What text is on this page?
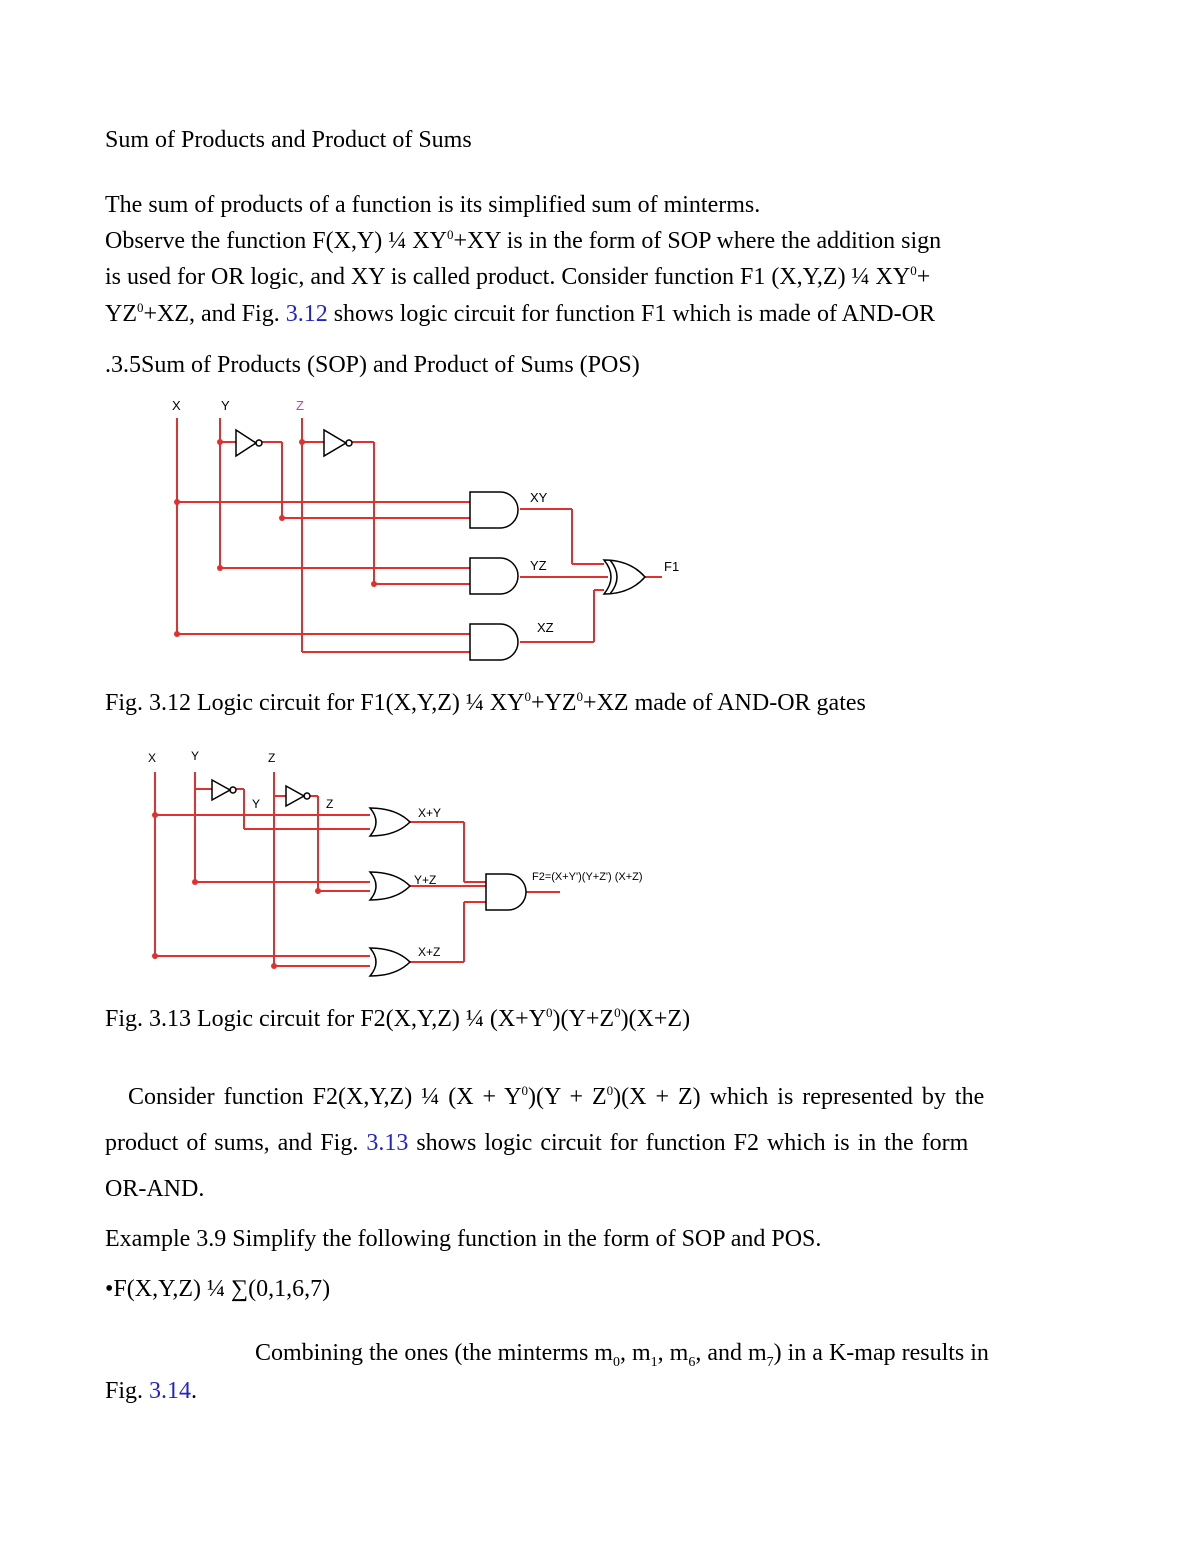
Sum of Products and Product of Sums
The sum of products of a function is its simplified sum of minterms.
Observe the function F(X,Y) ¼ $XY^0+XY$ is in the form of SOP where the addition sign
is used for OR logic, and XY is called product. Consider function F1 (X,Y,Z) ¼ $XY^0+$
$YZ^0+XZ$, and Fig. 3.12 shows logic circuit for function F1 which is made of AND-OR
.3.5Sum of Products (SOP) and Product of Sums (POS)
X	Y	Z
XY
YZ
XZ
F1
Fig. 3.12 Logic circuit for F1(X,Y,Z) ¼ $XY^0+YZ^0+XZ$ made of AND-OR gates
X	Y	Z
Y	Z
X+Y
Y+Z
X+Z
F2=(X+Y')(Y+Z') (X+Z)
Fig. 3.13 Logic circuit for F2(X,Y,Z) ¼ $(X+Y^0)(Y+Z^0)(X+Z)$
Consider function F2(X,Y,Z) ¼ $(X + Y^0)(Y + Z^0)(X + Z)$ which is represented by the
product of sums, and Fig. 3.13 shows logic circuit for function F2 which is in the form
OR-AND.
Example 3.9 Simplify the following function in the form of SOP and POS.
•F(X,Y,Z) ¼ ∑(0,1,6,7)
Combining the ones (the minterms $m_0$, $m_1$, $m_6$, and $m_7$) in a K-map results in
Fig. 3.14.
